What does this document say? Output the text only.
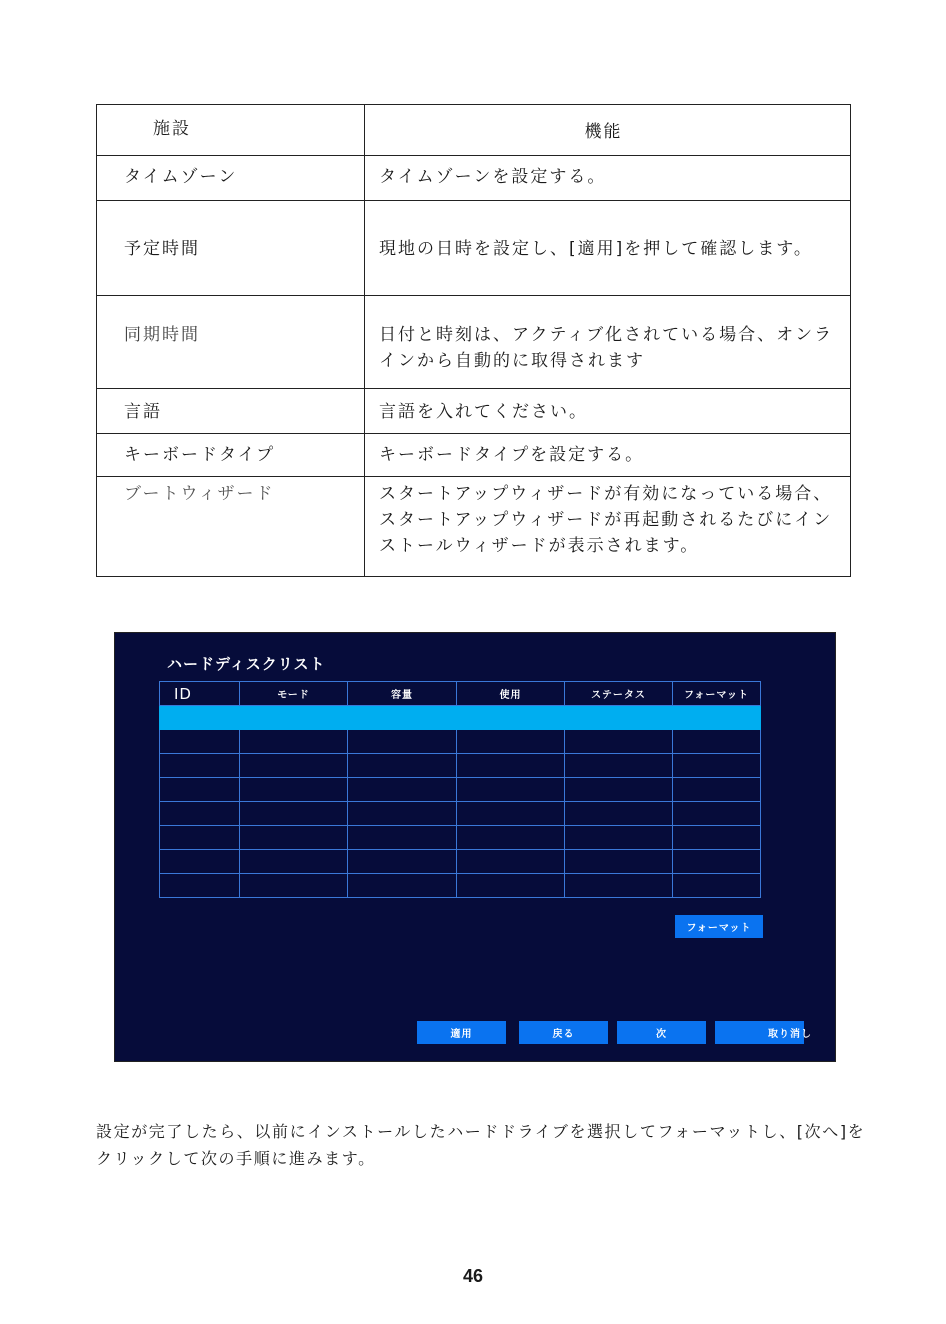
施設	機能
タイムゾーン	タイムゾーンを設定する。
予定時間	現地の日時を設定し、[適用]を押して確認します。
同期時間	日付と時刻は、アクティブ化されている場合、オンラインから自動的に取得されます
言語	言語を入れてください。
キーボードタイプ	キーボードタイプを設定する。
ブートウィザード	スタートアップウィザードが有効になっている場合、スタートアップウィザードが再起動されるたびにインストールウィザードが表示されます。
ハードディスクリスト
ID	モード	容量	使用	ステータス	フォーマット

フォーマット
適用	戻る	次	取り消し
設定が完了したら、以前にインストールしたハードドライブを選択してフォーマットし、[次へ]をクリックして次の手順に進みます。
46
